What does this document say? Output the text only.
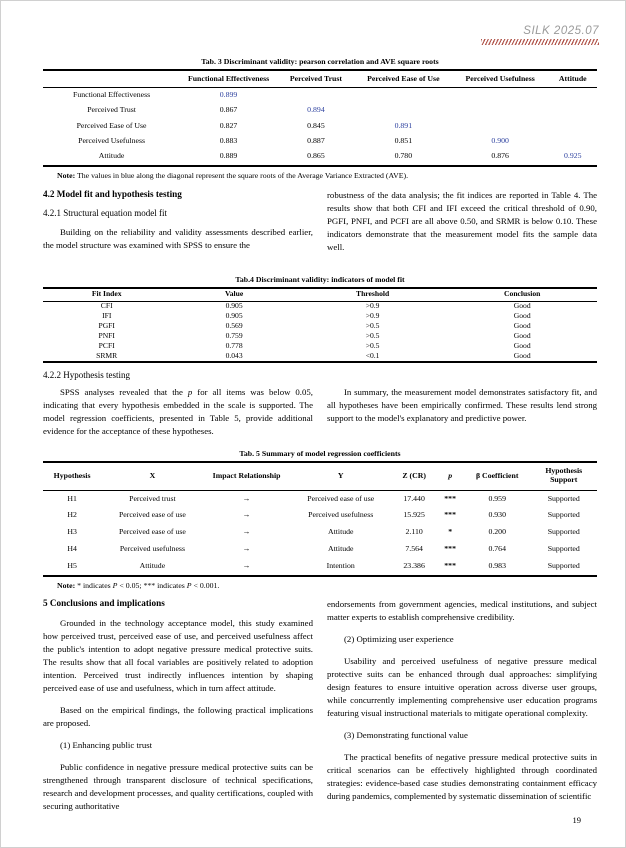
SILK 2025.07
Tab. 3 Discriminant validity: pearson correlation and AVE square roots
	Functional Effectiveness	Perceived Trust	Perceived Ease of Use	Perceived Usefulness	Attitude
Functional Effectiveness	0.899				
Perceived Trust	0.867	0.894			
Perceived Ease of Use	0.827	0.845	0.891		
Perceived Usefulness	0.883	0.887	0.851	0.900	
Attitude	0.889	0.865	0.780	0.876	0.925
Note: The values in blue along the diagonal represent the square roots of the Average Variance Extracted (AVE).
4.2 Model fit and hypothesis testing
4.2.1 Structural equation model fit

Building on the reliability and validity assessments described earlier, the model structure was examined with SPSS to ensure the

robustness of the data analysis; the fit indices are reported in Table 4. The results show that both CFI and IFI exceed the critical threshold of 0.90, PGFI, PNFI, and PCFI are all above 0.50, and SRMR is below 0.10. These indicators demonstrate that the measurement model fits the sample data well.

Tab.4 Discriminant validity: indicators of model fit
Fit Index	Value	Threshold	Conclusion
CFI	0.905	>0.9	Good
IFI	0.905	>0.9	Good
PGFI	0.569	>0.5	Good
PNFI	0.759	>0.5	Good
PCFI	0.778	>0.5	Good
SRMR	0.043	<0.1	Good
4.2.2 Hypothesis testing

SPSS analyses revealed that the p for all items was below 0.05, indicating that every hypothesis embedded in the scale is supported. The model regression coefficients, presented in Table 5, provide additional evidence for the acceptance of these hypotheses.

In summary, the measurement model demonstrates satisfactory fit, and all hypotheses have been empirically confirmed. These results lend strong support to the model's explanatory and predictive power.

Tab. 5 Summary of model regression coefficients
Hypothesis	X	Impact Relationship	Y	Z (CR)	p	β Coefficient	Hypothesis Support
H1	Perceived trust	→	Perceived ease of use	17.440	***	0.959	Supported
H2	Perceived ease of use	→	Perceived usefulness	15.925	***	0.930	Supported
H3	Perceived ease of use	→	Attitude	2.110	*	0.200	Supported
H4	Perceived usefulness	→	Attitude	7.564	***	0.764	Supported
H5	Attitude	→	Intention	23.386	***	0.983	Supported
Note: * indicates P < 0.05; *** indicates P < 0.001.
5 Conclusions and implications

Grounded in the technology acceptance model, this study examined how perceived trust, perceived ease of use, and perceived usefulness affect the public's intention to adopt negative pressure medical protective suits. The results show that all focal variables are positively related to adoption intention. Perceived trust indirectly influences intention by shaping perceived ease of use and usefulness, which in turn affect attitude.

Based on the empirical findings, the following practical implications are proposed.

(1) Enhancing public trust

Public confidence in negative pressure medical protective suits can be strengthened through transparent disclosure of technical specifications, research and development processes, and quality certifications, coupled with securing authoritative

endorsements from government agencies, medical institutions, and subject matter experts to establish comprehensive credibility.

(2) Optimizing user experience

Usability and perceived usefulness of negative pressure medical protective suits can be enhanced through dual approaches: simplifying design features to ensure intuitive operation across diverse user groups, while concurrently implementing comprehensive user education programs featuring visual instructional materials to mitigate operational complexity.

(3) Demonstrating functional value

The practical benefits of negative pressure medical protective suits in critical scenarios can be effectively highlighted through coordinated strategies: evidence-based case studies demonstrating containment efficacy during pandemics, complemented by systematic dissemination of scientific

19
